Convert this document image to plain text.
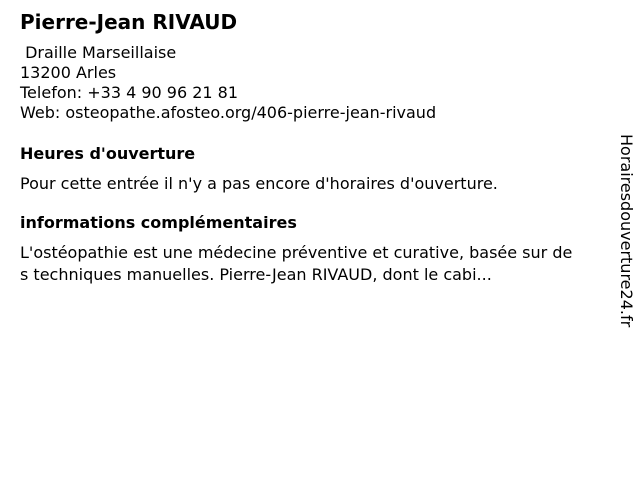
Pierre-Jean RIVAUD
Draille Marseillaise
13200 Arles
Telefon: +33 4 90 96 21 81
Web: osteopathe.afosteo.org/406-pierre-jean-rivaud
Heures d'ouverture

Pour cette entrée il n'y a pas encore d'horaires d'ouverture.

informations complémentaires

L'ostéopathie est une médecine préventive et curative, basée sur des techniques manuelles. Pierre-Jean RIVAUD, dont le cabi...	Horairesdouverture24.fr
